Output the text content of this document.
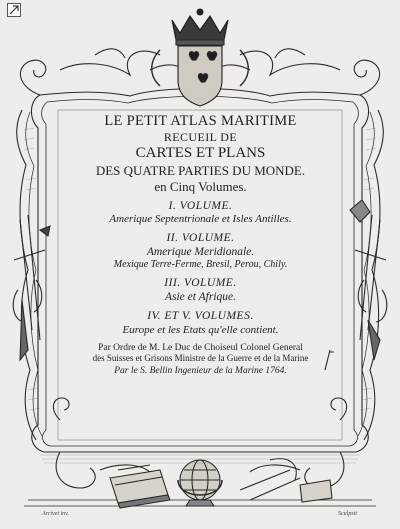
LE PETIT ATLAS MARITIME
RECUEIL DE
CARTES ET PLANS
DES QUATRE PARTIES DU MONDE.
en Cinq Volumes.
I. VOLUME.
Amerique Septentrionale et Isles Antilles.
II. VOLUME.
Amerique Meridionale.
Mexique Terre-Ferme, Bresil, Perou, Chily.
III. VOLUME.
Asie et Afrique.
IV. ET V. VOLUMES.
Europe et les Etats qu'elle contient.
Par Ordre de M. Le Duc de Choiseul Colonel General
des Suisses et Grisons Ministre de la Guerre et de la Marine
Par le S. Bellin Ingenieur de la Marine 1764.
Arrivet inv.	Sculpsit
